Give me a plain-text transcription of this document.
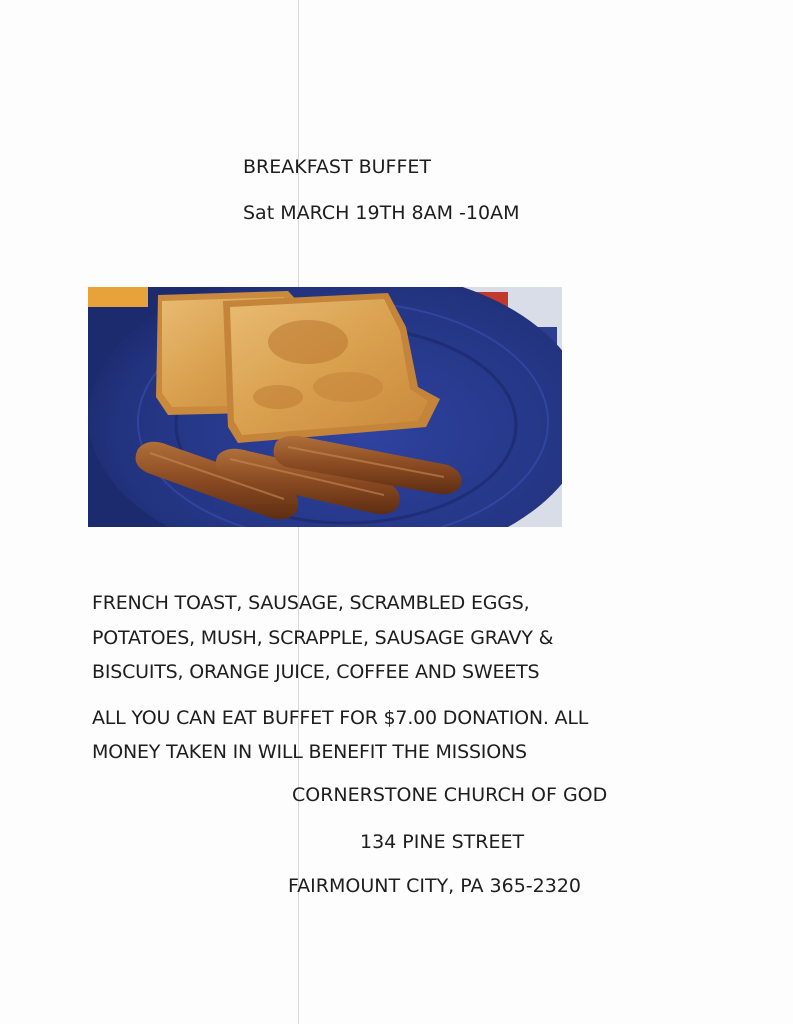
BREAKFAST BUFFET

Sat MARCH 19TH 8AM -10AM

FRENCH TOAST, SAUSAGE, SCRAMBLED EGGS,

POTATOES, MUSH, SCRAPPLE, SAUSAGE GRAVY &

BISCUITS, ORANGE JUICE, COFFEE AND SWEETS

ALL YOU CAN EAT BUFFET FOR $7.00 DONATION. ALL

MONEY TAKEN IN WILL BENEFIT THE MISSIONS

CORNERSTONE CHURCH OF GOD

134 PINE STREET

FAIRMOUNT CITY, PA 365-2320
